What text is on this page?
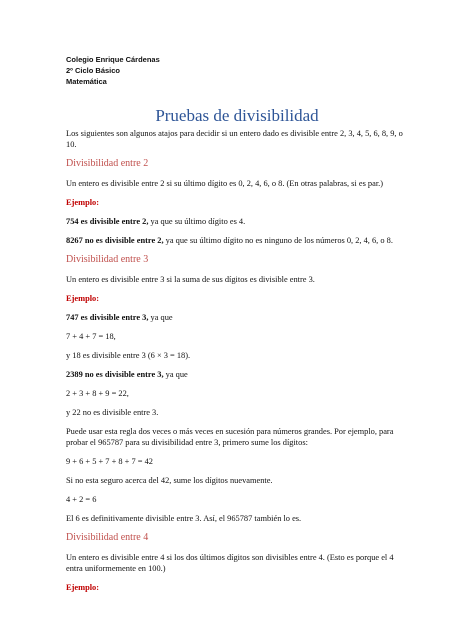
Colegio Enrique Cárdenas
2º Ciclo Básico
Matemática
Pruebas de divisibilidad

Los siguientes son algunos atajos para decidir si un entero dado es divisible entre 2, 3, 4, 5, 6, 8, 9, o 10.

Divisibilidad entre 2

Un entero es divisible entre 2 si su último dígito es 0, 2, 4, 6, o 8. (En otras palabras, si es par.)

Ejemplo:

754 es divisible entre 2, ya que su último dígito es 4.

8267 no es divisible entre 2, ya que su último dígito no es ninguno de los números 0, 2, 4, 6, o 8.

Divisibilidad entre 3

Un entero es divisible entre 3 si la suma de sus dígitos es divisible entre 3.

Ejemplo:

747 es divisible entre 3, ya que

7 + 4 + 7 = 18,

y 18 es divisible entre 3 (6 × 3 = 18).

2389 no es divisible entre 3, ya que

2 + 3 + 8 + 9 = 22,

y 22 no es divisible entre 3.

Puede usar esta regla dos veces o más veces en sucesión para números grandes. Por ejemplo, para probar el 965787 para su divisibilidad entre 3, primero sume los dígitos:

9 + 6 + 5 + 7 + 8 + 7 = 42

Si no esta seguro acerca del 42, sume los dígitos nuevamente.

4 + 2 = 6

El 6 es definitivamente divisible entre 3. Así, el 965787 también lo es.

Divisibilidad entre 4

Un entero es divisible entre 4 si los dos últimos dígitos son divisibles entre 4. (Esto es porque el 4 entra uniformemente en 100.)

Ejemplo:
